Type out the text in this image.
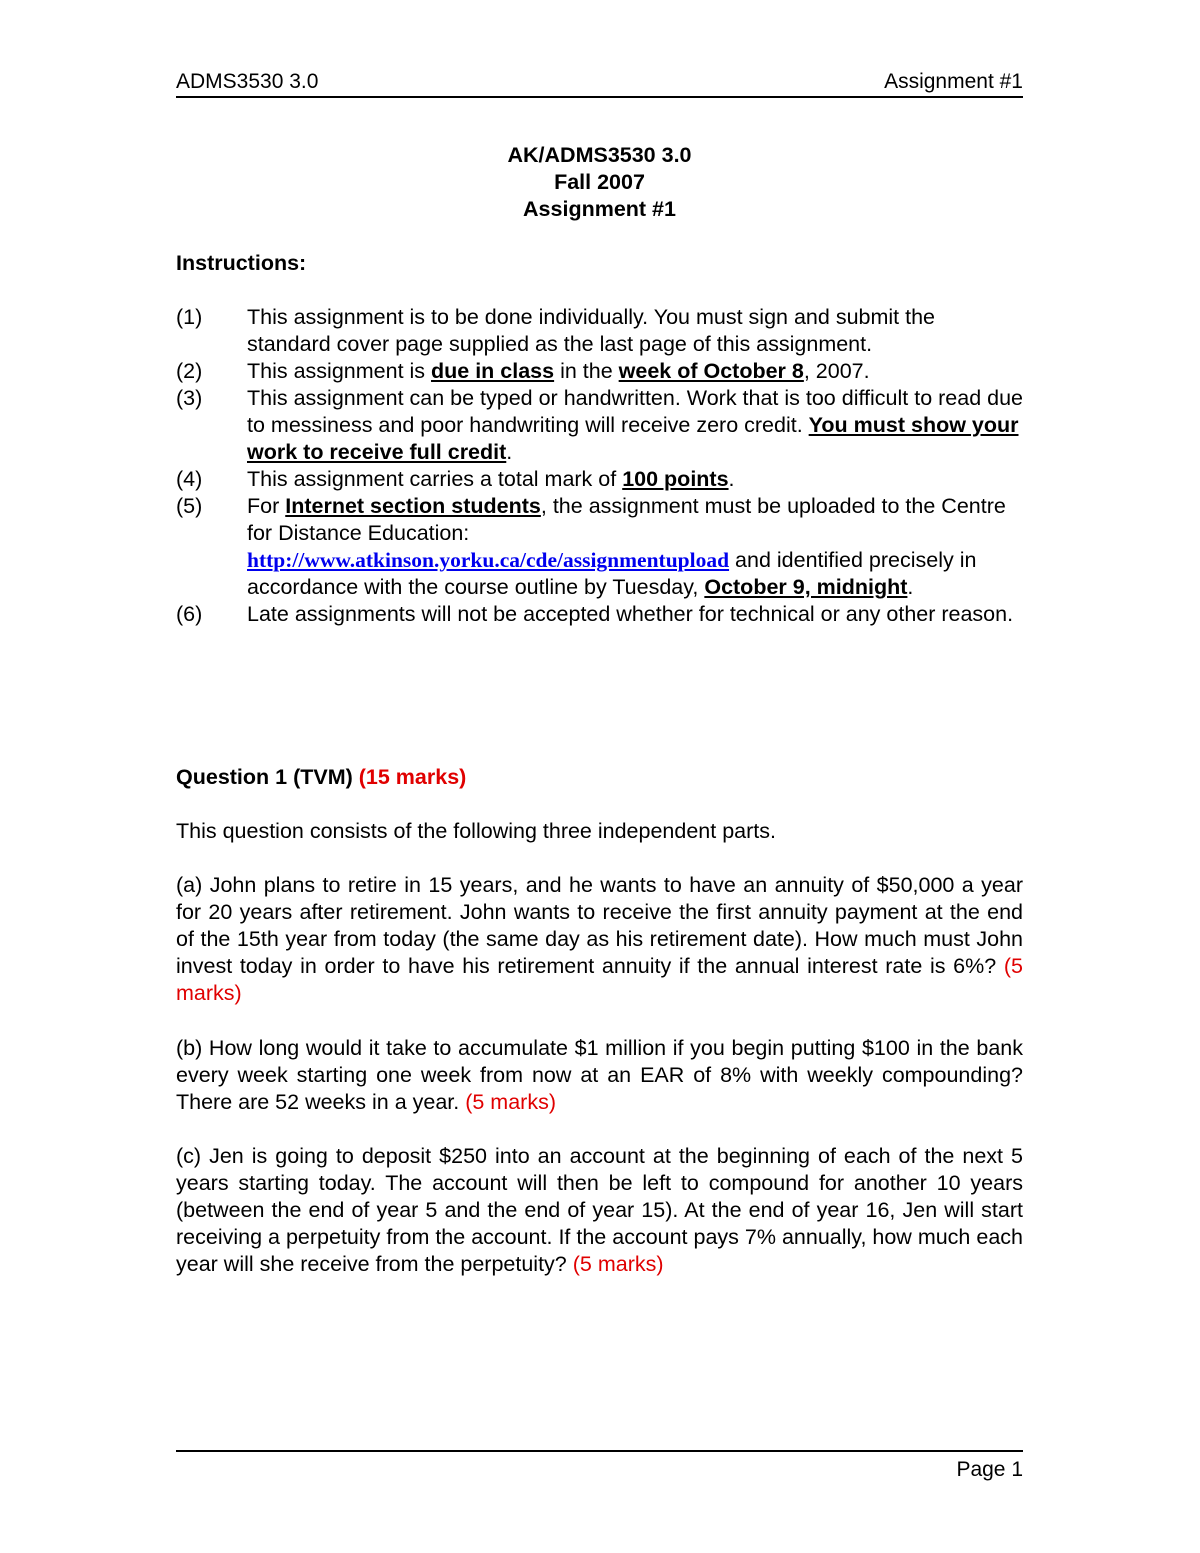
ADMS3530 3.0	Assignment #1
AK/ADMS3530 3.0
Fall 2007
Assignment #1
Instructions:
(1) This assignment is to be done individually. You must sign and submit the standard cover page supplied as the last page of this assignment.
(2) This assignment is due in class in the week of October 8, 2007.
(3) This assignment can be typed or handwritten. Work that is too difficult to read due to messiness and poor handwriting will receive zero credit. You must show your work to receive full credit.
(4) This assignment carries a total mark of 100 points.
(5) For Internet section students, the assignment must be uploaded to the Centre for Distance Education:
http://www.atkinson.yorku.ca/cde/assignmentupload and identified precisely in accordance with the course outline by Tuesday, October 9, midnight.
(6) Late assignments will not be accepted whether for technical or any other reason.
Question 1 (TVM) (15 marks)
This question consists of the following three independent parts.
(a) John plans to retire in 15 years, and he wants to have an annuity of $50,000 a year for 20 years after retirement. John wants to receive the first annuity payment at the end of the 15th year from today (the same day as his retirement date). How much must John invest today in order to have his retirement annuity if the annual interest rate is 6%? (5 marks)
(b) How long would it take to accumulate $1 million if you begin putting $100 in the bank every week starting one week from now at an EAR of 8% with weekly compounding? There are 52 weeks in a year. (5 marks)
(c) Jen is going to deposit $250 into an account at the beginning of each of the next 5 years starting today. The account will then be left to compound for another 10 years (between the end of year 5 and the end of year 15). At the end of year 16, Jen will start receiving a perpetuity from the account. If the account pays 7% annually, how much each year will she receive from the perpetuity? (5 marks)
Page 1
